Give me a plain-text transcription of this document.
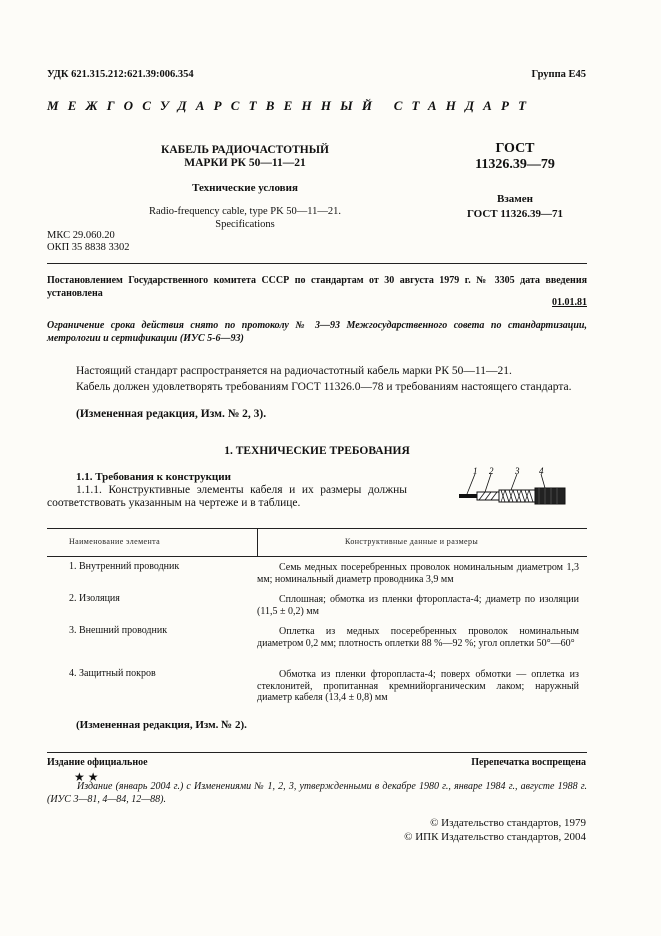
УДК 621.315.212:621.39:006.354	Группа Е45
МЕЖГОСУДАРСТВЕННЫЙ СТАНДАРТ
КАБЕЛЬ РАДИОЧАСТОТНЫЙ
МАРКИ РК 50—11—21
Технические условия
Radio-frequency cable, type PK 50—11—21.
Specifications
ГОСТ
11326.39—79
Взамен
ГОСТ 11326.39—71
МКС 29.060.20
ОКП 35 8838 3302
Постановлением Государственного комитета СССР по стандартам от 30 августа 1979 г. № 3305 дата введения установлена
01.01.81
Ограничение срока действия снято по протоколу № 3—93 Межгосударственного совета по стандартизации, метрологии и сертификации (ИУС 5-6—93)
Настоящий стандарт распространяется на радиочастотный кабель марки РК 50—11—21.
Кабель должен удовлетворять требованиям ГОСТ 11326.0—78 и требованиям настоящего стандарта.
(Измененная редакция, Изм. № 2, 3).
1. ТЕХНИЧЕСКИЕ ТРЕБОВАНИЯ
1.1. Требования к конструкции
1.1.1. Конструктивные элементы кабеля и их размеры должны соответствовать указанным на чертеже и в таблице.
1 2 3 4
Наименование элемента	Конструктивные данные и размеры
1. Внутренний проводник	Семь медных посеребренных проволок номинальным диаметром 1,3 мм; номинальный диаметр проводника 3,9 мм
2. Изоляция	Сплошная; обмотка из пленки фторопласта-4; диаметр по изоляции (11,5 ± 0,2) мм
3. Внешний проводник	Оплетка из медных посеребренных проволок номинальным диаметром 0,2 мм; плотность оплетки 88 %—92 %; угол оплетки 50°—60°
4. Защитный покров	Обмотка из пленки фторопласта-4; поверх обмотки — оплетка из стеклонитей, пропитанная кремнийорганическим лаком; наружный диаметр кабеля (13,4 ± 0,8) мм
(Измененная редакция, Изм. № 2).
Издание официальное	Перепечатка воспрещена
★ ★
Издание (январь 2004 г.) с Изменениями № 1, 2, 3, утвержденными в декабре 1980 г., январе 1984 г., августе 1988 г. (ИУС 3—81, 4—84, 12—88).
© Издательство стандартов, 1979
© ИПК Издательство стандартов, 2004
